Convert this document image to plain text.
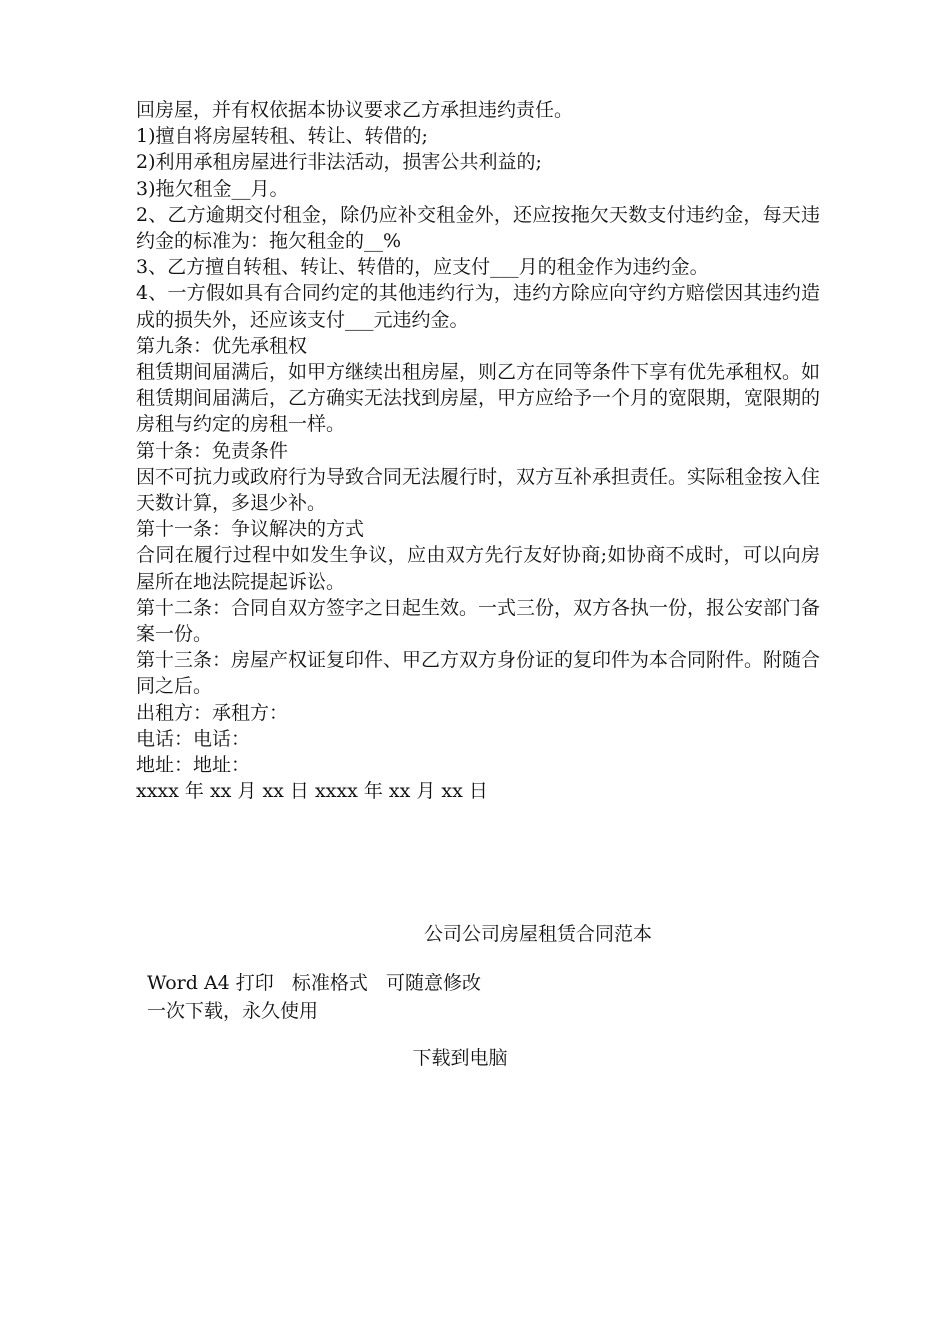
回房屋，并有权依据本协议要求乙方承担违约责任。

1)擅自将房屋转租、转让、转借的;

2)利用承租房屋进行非法活动，损害公共利益的;

3)拖欠租金__月。

2、乙方逾期交付租金，除仍应补交租金外，还应按拖欠天数支付违约金，每天违约金的标准为：拖欠租金的__%

3、乙方擅自转租、转让、转借的，应支付___月的租金作为违约金。

4、一方假如具有合同约定的其他违约行为，违约方除应向守约方赔偿因其违约造成的损失外，还应该支付___元违约金。

第九条：优先承租权

租赁期间届满后，如甲方继续出租房屋，则乙方在同等条件下享有优先承租权。如租赁期间届满后，乙方确实无法找到房屋，甲方应给予一个月的宽限期，宽限期的房租与约定的房租一样。

第十条：免责条件

因不可抗力或政府行为导致合同无法履行时，双方互补承担责任。实际租金按入住天数计算，多退少补。

第十一条：争议解决的方式

合同在履行过程中如发生争议，应由双方先行友好协商;如协商不成时，可以向房屋所在地法院提起诉讼。

第十二条：合同自双方签字之日起生效。一式三份，双方各执一份，报公安部门备案一份。

第十三条：房屋产权证复印件、甲乙方双方身份证的复印件为本合同附件。附随合同之后。

出租方：承租方：

电话：电话：

地址：地址：

xxxx 年 xx 月 xx 日 xxxx 年 xx 月 xx 日

公司公司房屋租赁合同范本
Word A4 打印   标准格式   可随意修改
一次下载，永久使用
下载到电脑
